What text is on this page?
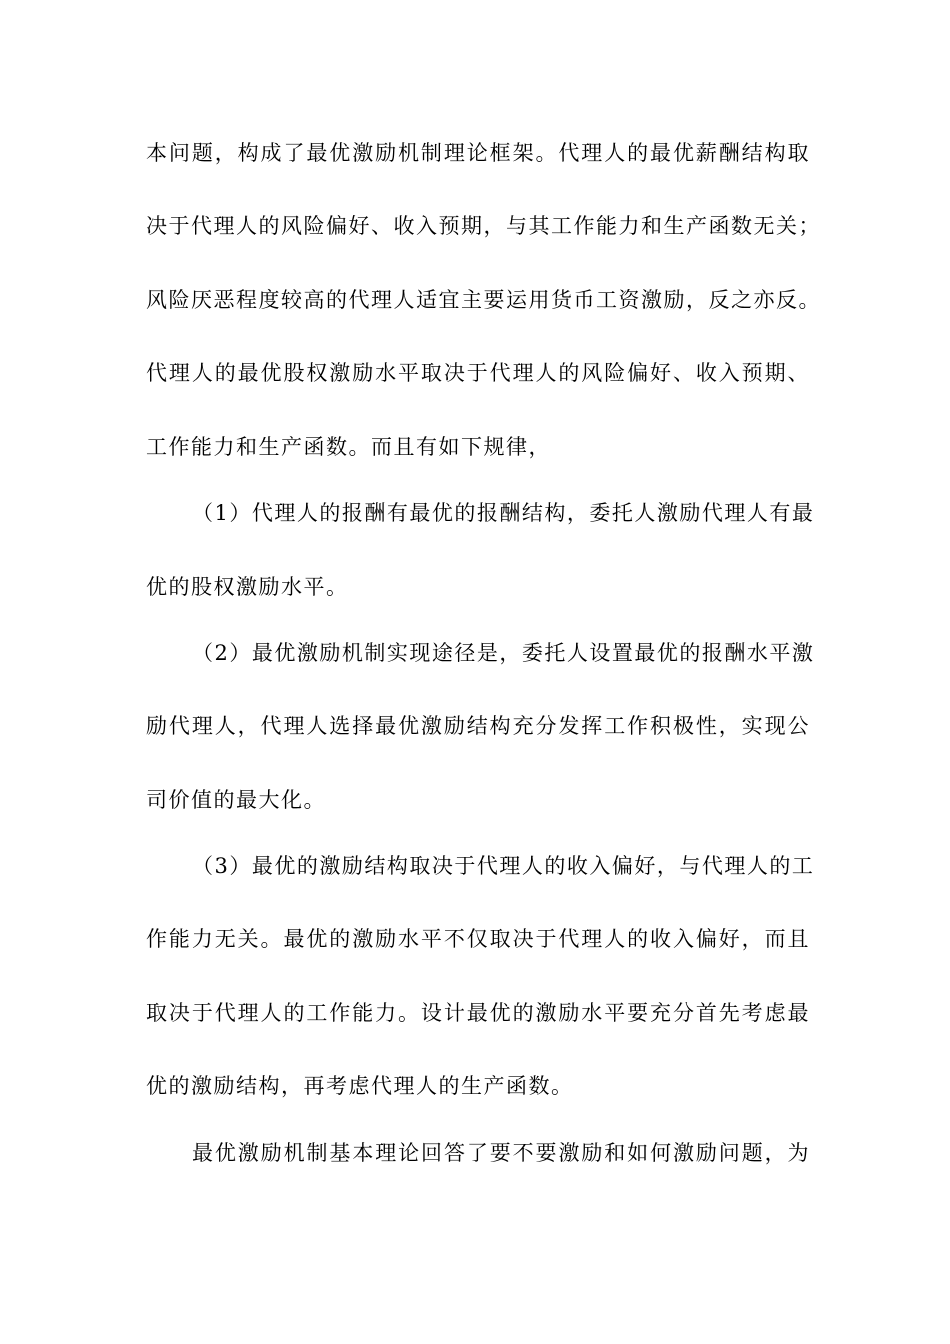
本问题，构成了最优激励机制理论框架。代理人的最优薪酬结构取
决于代理人的风险偏好、收入预期，与其工作能力和生产函数无关；
风险厌恶程度较高的代理人适宜主要运用货币工资激励，反之亦反。
代理人的最优股权激励水平取决于代理人的风险偏好、收入预期、
工作能力和生产函数。而且有如下规律，
（1）代理人的报酬有最优的报酬结构，委托人激励代理人有最
优的股权激励水平。
（2）最优激励机制实现途径是，委托人设置最优的报酬水平激
励代理人，代理人选择最优激励结构充分发挥工作积极性，实现公
司价值的最大化。
（3）最优的激励结构取决于代理人的收入偏好，与代理人的工
作能力无关。最优的激励水平不仅取决于代理人的收入偏好，而且
取决于代理人的工作能力。设计最优的激励水平要充分首先考虑最
优的激励结构，再考虑代理人的生产函数。
最优激励机制基本理论回答了要不要激励和如何激励问题，为
